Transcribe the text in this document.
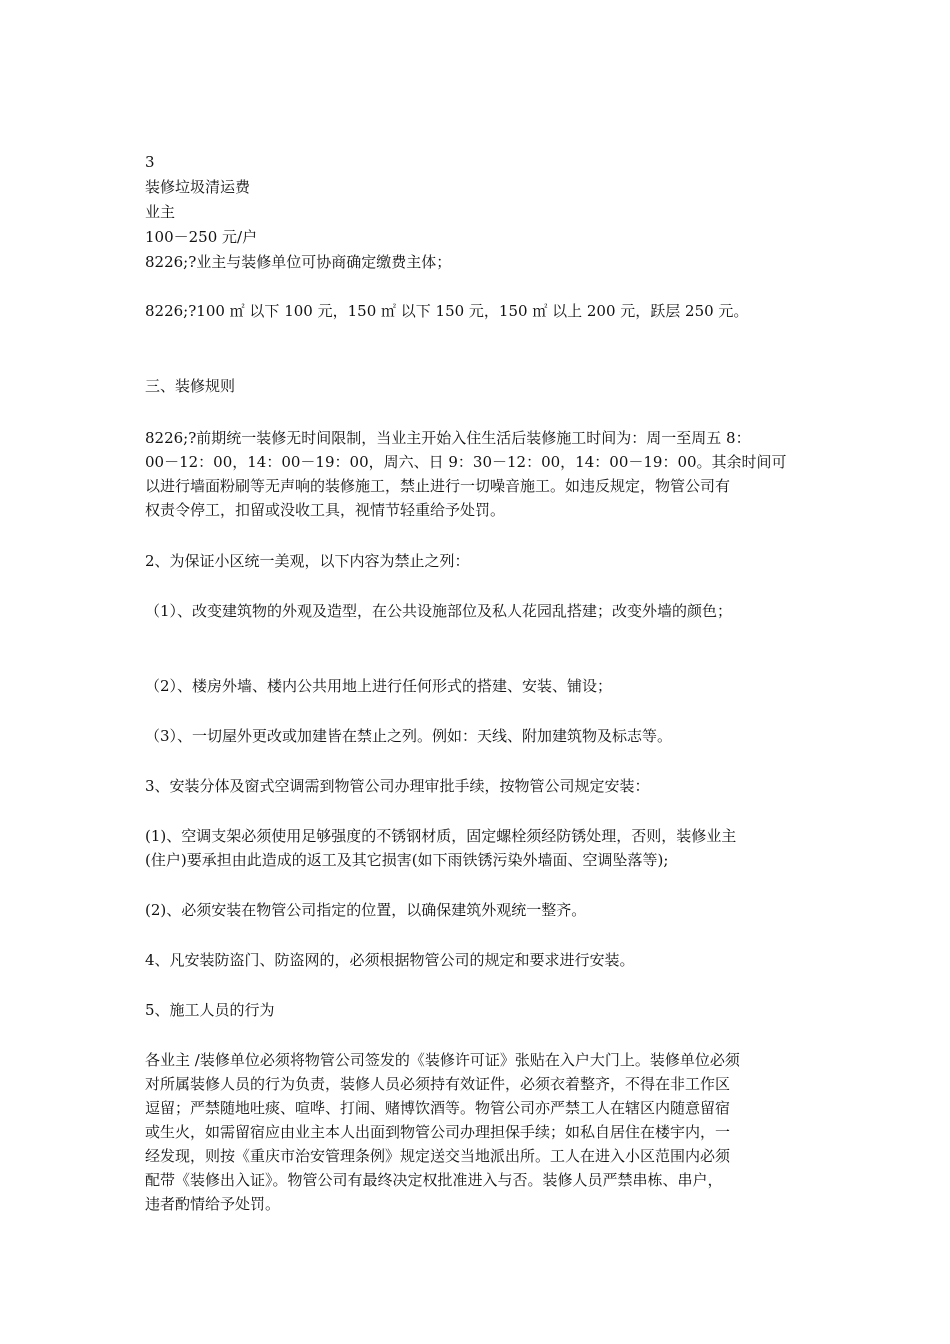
3
装修垃圾清运费
业主
100－250 元/户
8226;?业主与装修单位可协商确定缴费主体；
8226;?100 ㎡ 以下 100 元，150 ㎡ 以下 150 元，150 ㎡ 以上 200 元，跃层 250 元。
三、装修规则
8226;?前期统一装修无时间限制，当业主开始入住生活后装修施工时间为：周一至周五 8：
00－12：00，14：00－19：00，周六、日 9：30－12：00，14：00－19：00。其余时间可
以进行墙面粉刷等无声响的装修施工，禁止进行一切噪音施工。如违反规定，物管公司有
权责令停工，扣留或没收工具，视情节轻重给予处罚。
2、为保证小区统一美观，以下内容为禁止之列：
（1）、改变建筑物的外观及造型，在公共设施部位及私人花园乱搭建；改变外墙的颜色；
（2）、楼房外墙、楼内公共用地上进行任何形式的搭建、安装、铺设；
（3）、一切屋外更改或加建皆在禁止之列。例如：天线、附加建筑物及标志等。
3、安装分体及窗式空调需到物管公司办理审批手续，按物管公司规定安装：
(1)、空调支架必须使用足够强度的不锈钢材质，固定螺栓须经防锈处理，否则，装修业主
(住户)要承担由此造成的返工及其它损害(如下雨铁锈污染外墙面、空调坠落等);
(2)、必须安装在物管公司指定的位置，以确保建筑外观统一整齐。
4、凡安装防盗门、防盗网的，必须根据物管公司的规定和要求进行安装。
5、施工人员的行为
各业主 /装修单位必须将物管公司签发的《装修许可证》张贴在入户大门上。装修单位必须
对所属装修人员的行为负责，装修人员必须持有效证件，必须衣着整齐，不得在非工作区
逗留；严禁随地吐痰、喧哗、打闹、赌博饮酒等。物管公司亦严禁工人在辖区内随意留宿
或生火，如需留宿应由业主本人出面到物管公司办理担保手续；如私自居住在楼宇内，一
经发现，则按《重庆市治安管理条例》规定送交当地派出所。工人在进入小区范围内必须
配带《装修出入证》。物管公司有最终决定权批准进入与否。装修人员严禁串栋、串户，
违者酌情给予处罚。
